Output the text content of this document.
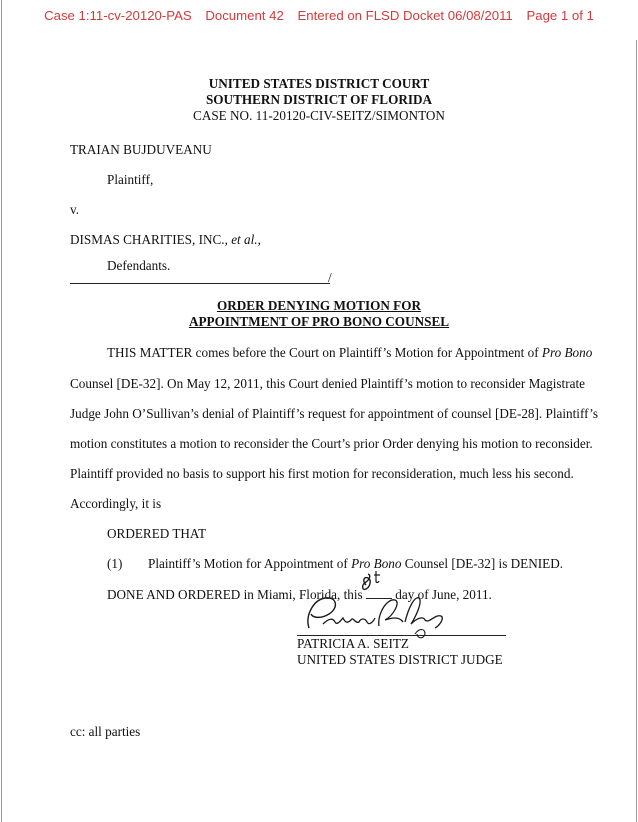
Case 1:11-cv-20120-PAS Document 42 Entered on FLSD Docket 06/08/2011 Page 1 of 1
UNITED STATES DISTRICT COURT
SOUTHERN DISTRICT OF FLORIDA
CASE NO. 11-20120-CIV-SEITZ/SIMONTON
TRAIAN BUJDUVEANU
Plaintiff,
v.
DISMAS CHARITIES, INC., et al.,
Defendants.
/
ORDER DENYING MOTION FOR
APPOINTMENT OF PRO BONO COUNSEL
THIS MATTER comes before the Court on Plaintiff’s Motion for Appointment of Pro Bono
Counsel [DE-32]. On May 12, 2011, this Court denied Plaintiff’s motion to reconsider Magistrate
Judge John O’Sullivan’s denial of Plaintiff’s request for appointment of counsel [DE-28]. Plaintiff’s
motion constitutes a motion to reconsider the Court’s prior Order denying his motion to reconsider.
Plaintiff provided no basis to support his first motion for reconsideration, much less his second.
Accordingly, it is
ORDERED THAT
(1) Plaintiff’s Motion for Appointment of Pro Bono Counsel [DE-32] is DENIED.
DONE AND ORDERED in Miami, Florida, this  day of June, 2011.
PATRICIA A. SEITZ
UNITED STATES DISTRICT JUDGE
cc: all parties
